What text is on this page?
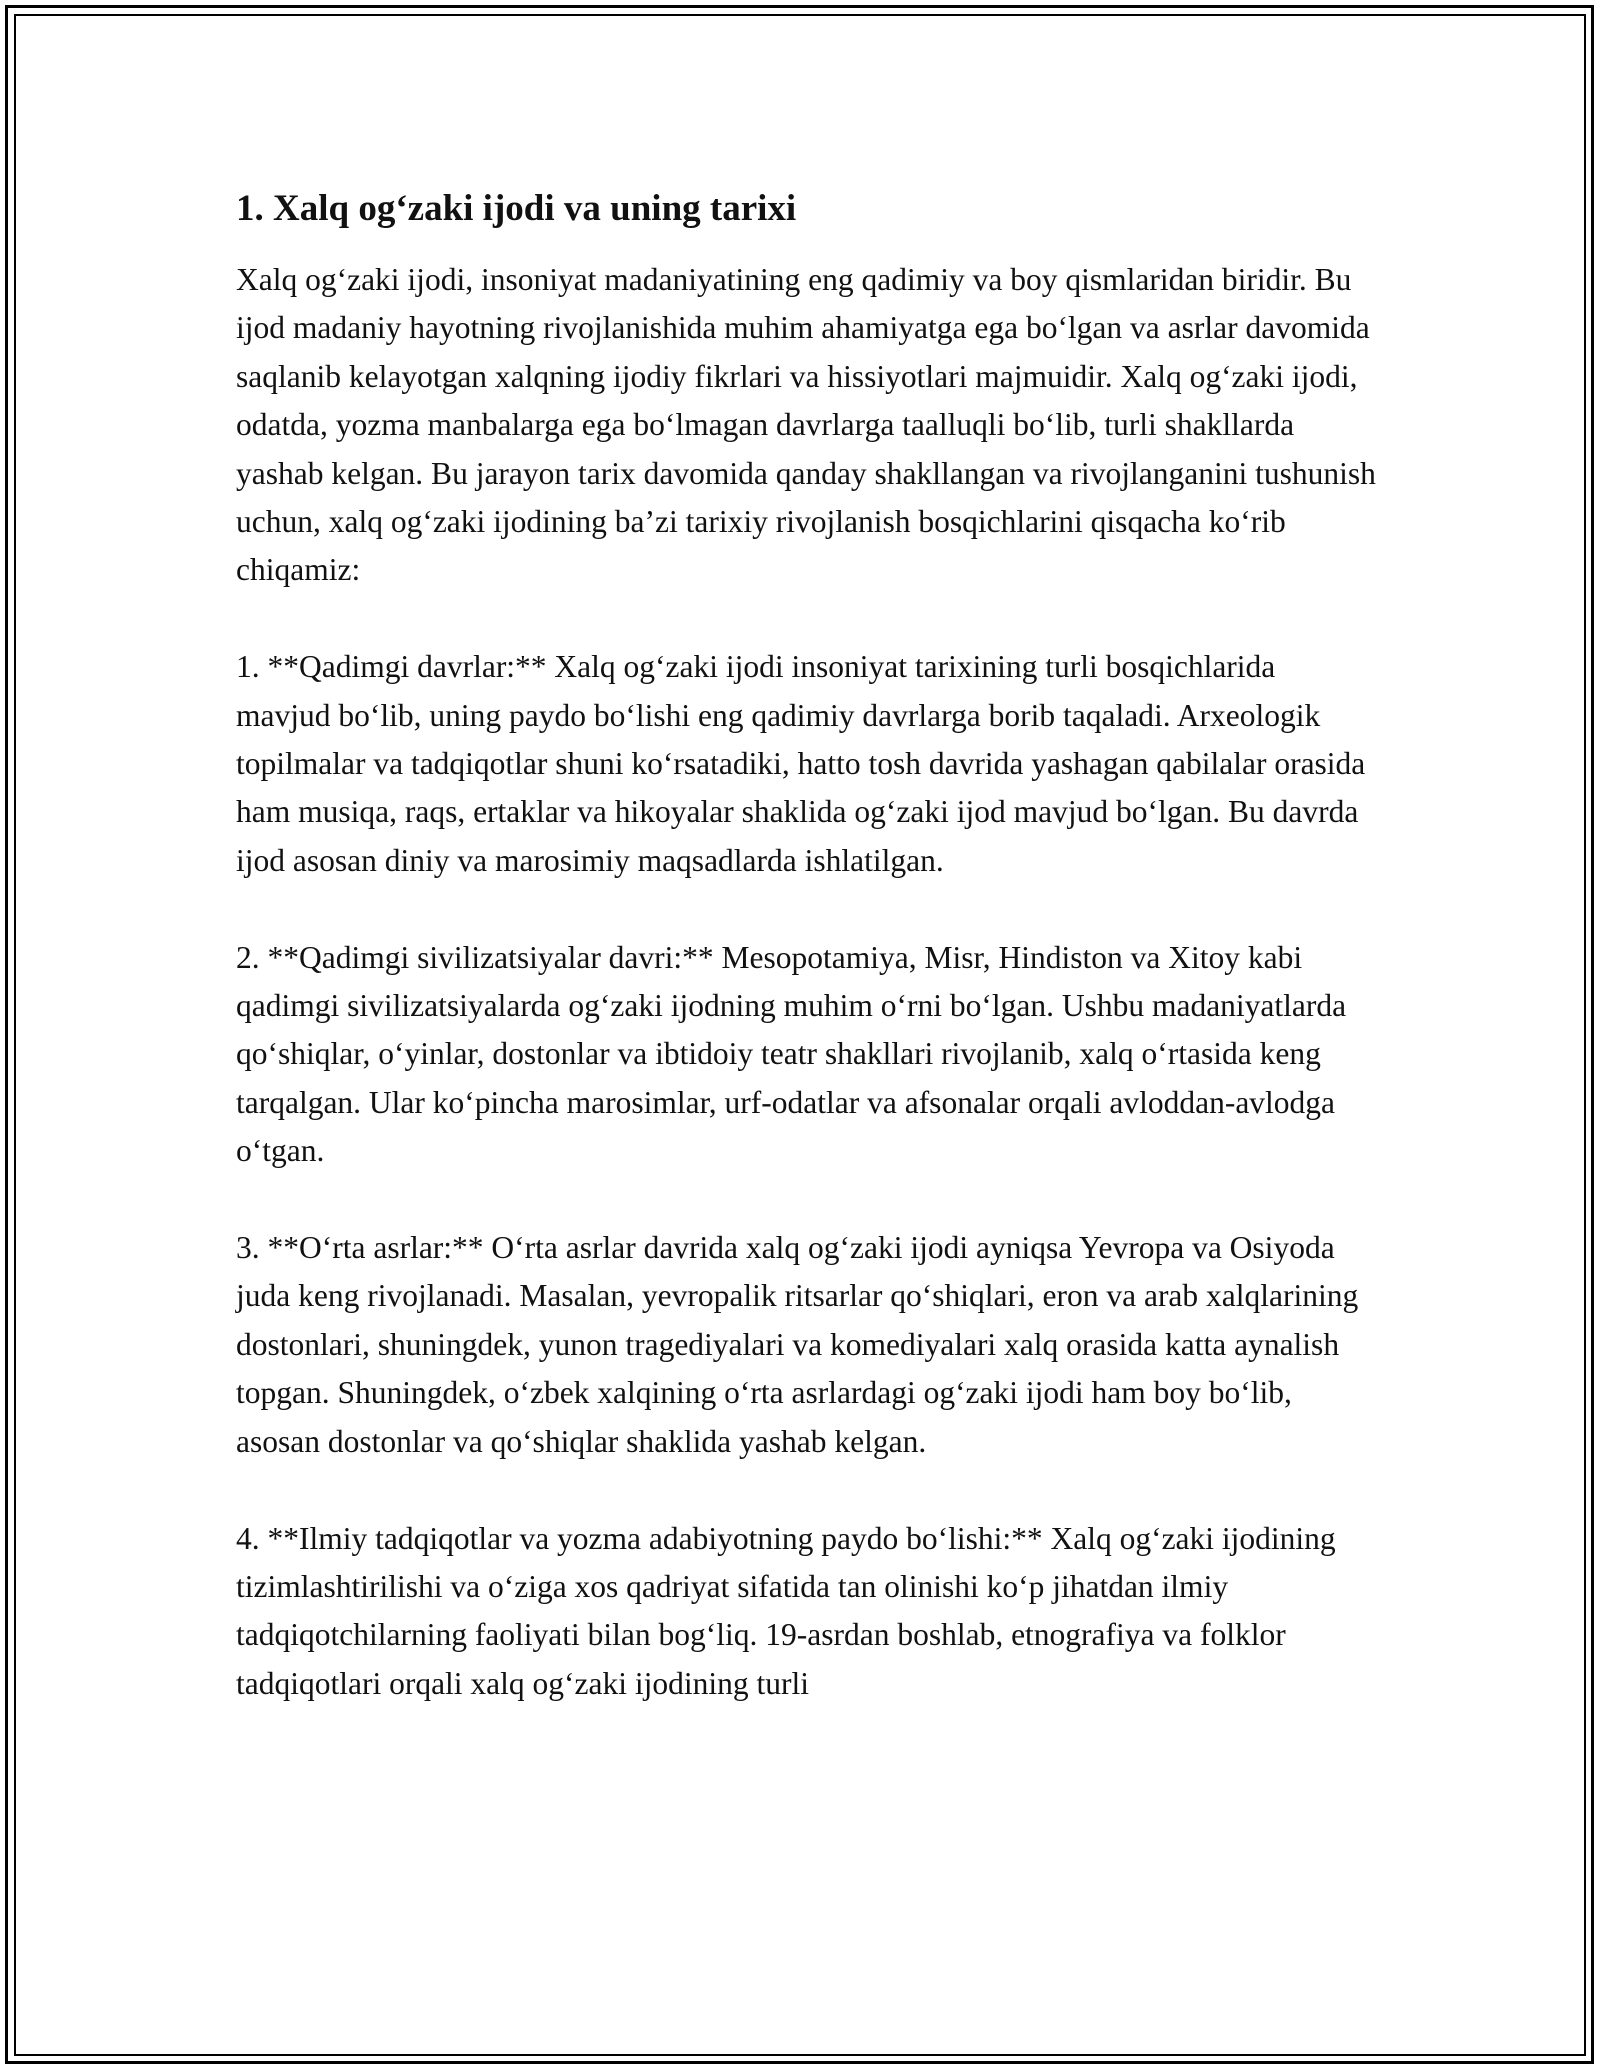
1. Xalq og‘zaki ijodi va uning tarixi

Xalq og‘zaki ijodi, insoniyat madaniyatining eng qadimiy va boy qismlaridan biridir. Bu ijod madaniy hayotning rivojlanishida muhim ahamiyatga ega bo‘lgan va asrlar davomida saqlanib kelayotgan xalqning ijodiy fikrlari va hissiyotlari majmuidir. Xalq og‘zaki ijodi, odatda, yozma manbalarga ega bo‘lmagan davrlarga taalluqli bo‘lib, turli shakllarda yashab kelgan. Bu jarayon tarix davomida qanday shakllangan va rivojlanganini tushunish uchun, xalq og‘zaki ijodining ba’zi tarixiy rivojlanish bosqichlarini qisqacha ko‘rib chiqamiz:

1. **Qadimgi davrlar:** Xalq og‘zaki ijodi insoniyat tarixining turli bosqichlarida mavjud bo‘lib, uning paydo bo‘lishi eng qadimiy davrlarga borib taqaladi. Arxeologik topilmalar va tadqiqotlar shuni ko‘rsatadiki, hatto tosh davrida yashagan qabilalar orasida ham musiqa, raqs, ertaklar va hikoyalar shaklida og‘zaki ijod mavjud bo‘lgan. Bu davrda ijod asosan diniy va marosimiy maqsadlarda ishlatilgan.

2. **Qadimgi sivilizatsiyalar davri:** Mesopotamiya, Misr, Hindiston va Xitoy kabi qadimgi sivilizatsiyalarda og‘zaki ijodning muhim o‘rni bo‘lgan. Ushbu madaniyatlarda qo‘shiqlar, o‘yinlar, dostonlar va ibtidoiy teatr shakllari rivojlanib, xalq o‘rtasida keng tarqalgan. Ular ko‘pincha marosimlar, urf-odatlar va afsonalar orqali avloddan-avlodga o‘tgan.

3. **O‘rta asrlar:** O‘rta asrlar davrida xalq og‘zaki ijodi ayniqsa Yevropa va Osiyoda juda keng rivojlanadi. Masalan, yevropalik ritsarlar qo‘shiqlari, eron va arab xalqlarining dostonlari, shuningdek, yunon tragediyalari va komediyalari xalq orasida katta aynalish topgan. Shuningdek, o‘zbek xalqining o‘rta asrlardagi og‘zaki ijodi ham boy bo‘lib, asosan dostonlar va qo‘shiqlar shaklida yashab kelgan.

4. **Ilmiy tadqiqotlar va yozma adabiyotning paydo bo‘lishi:** Xalq og‘zaki ijodining tizimlashtirilishi va o‘ziga xos qadriyat sifatida tan olinishi ko‘p jihatdan ilmiy tadqiqotchilarning faoliyati bilan bog‘liq. 19-asrdan boshlab, etnografiya va folklor tadqiqotlari orqali xalq og‘zaki ijodining turli
